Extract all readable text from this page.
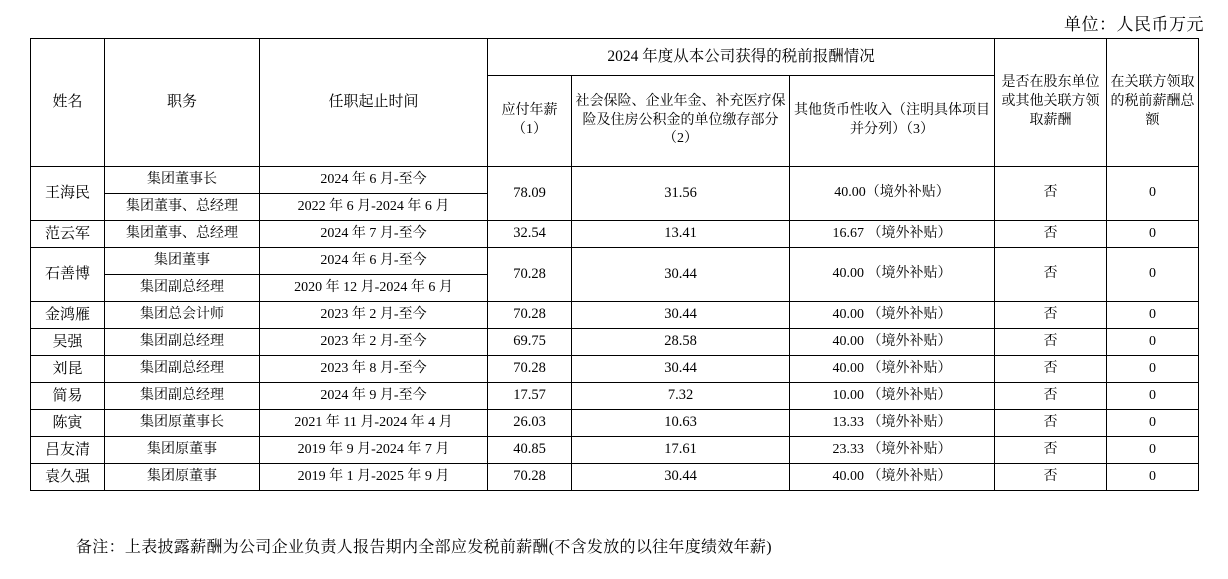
单位：人民币万元
姓名	职务	任职起止时间	2024 年度从本公司获得的税前报酬情况			是否在股东单位或其他关联方领取薪酬	在关联方领取的税前薪酬总额
			应付年薪（1）	社会保险、企业年金、补充医疗保险及住房公积金的单位缴存部分（2）	其他货币性收入（注明具体项目并分列）（3）		
王海民	集团董事长	2024 年 6 月-至今	78.09	31.56	40.00（境外补贴）	否	0
	集团董事、总经理	2022 年 6 月-2024 年 6 月					
范云军	集团董事、总经理	2024 年 7 月-至今	32.54	13.41	16.67 （境外补贴）	否	0
石善博	集团董事	2024 年 6 月-至今	70.28	30.44	40.00 （境外补贴）	否	0
	集团副总经理	2020 年 12 月-2024 年 6 月					
金鸿雁	集团总会计师	2023 年 2 月-至今	70.28	30.44	40.00 （境外补贴）	否	0
吴强	集团副总经理	2023 年 2 月-至今	69.75	28.58	40.00 （境外补贴）	否	0
刘昆	集团副总经理	2023 年 8 月-至今	70.28	30.44	40.00 （境外补贴）	否	0
简易	集团副总经理	2024 年 9 月-至今	17.57	7.32	10.00 （境外补贴）	否	0
陈寅	集团原董事长	2021 年 11 月-2024 年 4 月	26.03	10.63	13.33 （境外补贴）	否	0
吕友清	集团原董事	2019 年 9 月-2024 年 7 月	40.85	17.61	23.33 （境外补贴）	否	0
袁久强	集团原董事	2019 年 1 月-2025 年 9 月	70.28	30.44	40.00 （境外补贴）	否	0
备注：上表披露薪酬为公司企业负责人报告期内全部应发税前薪酬(不含发放的以往年度绩效年薪)
